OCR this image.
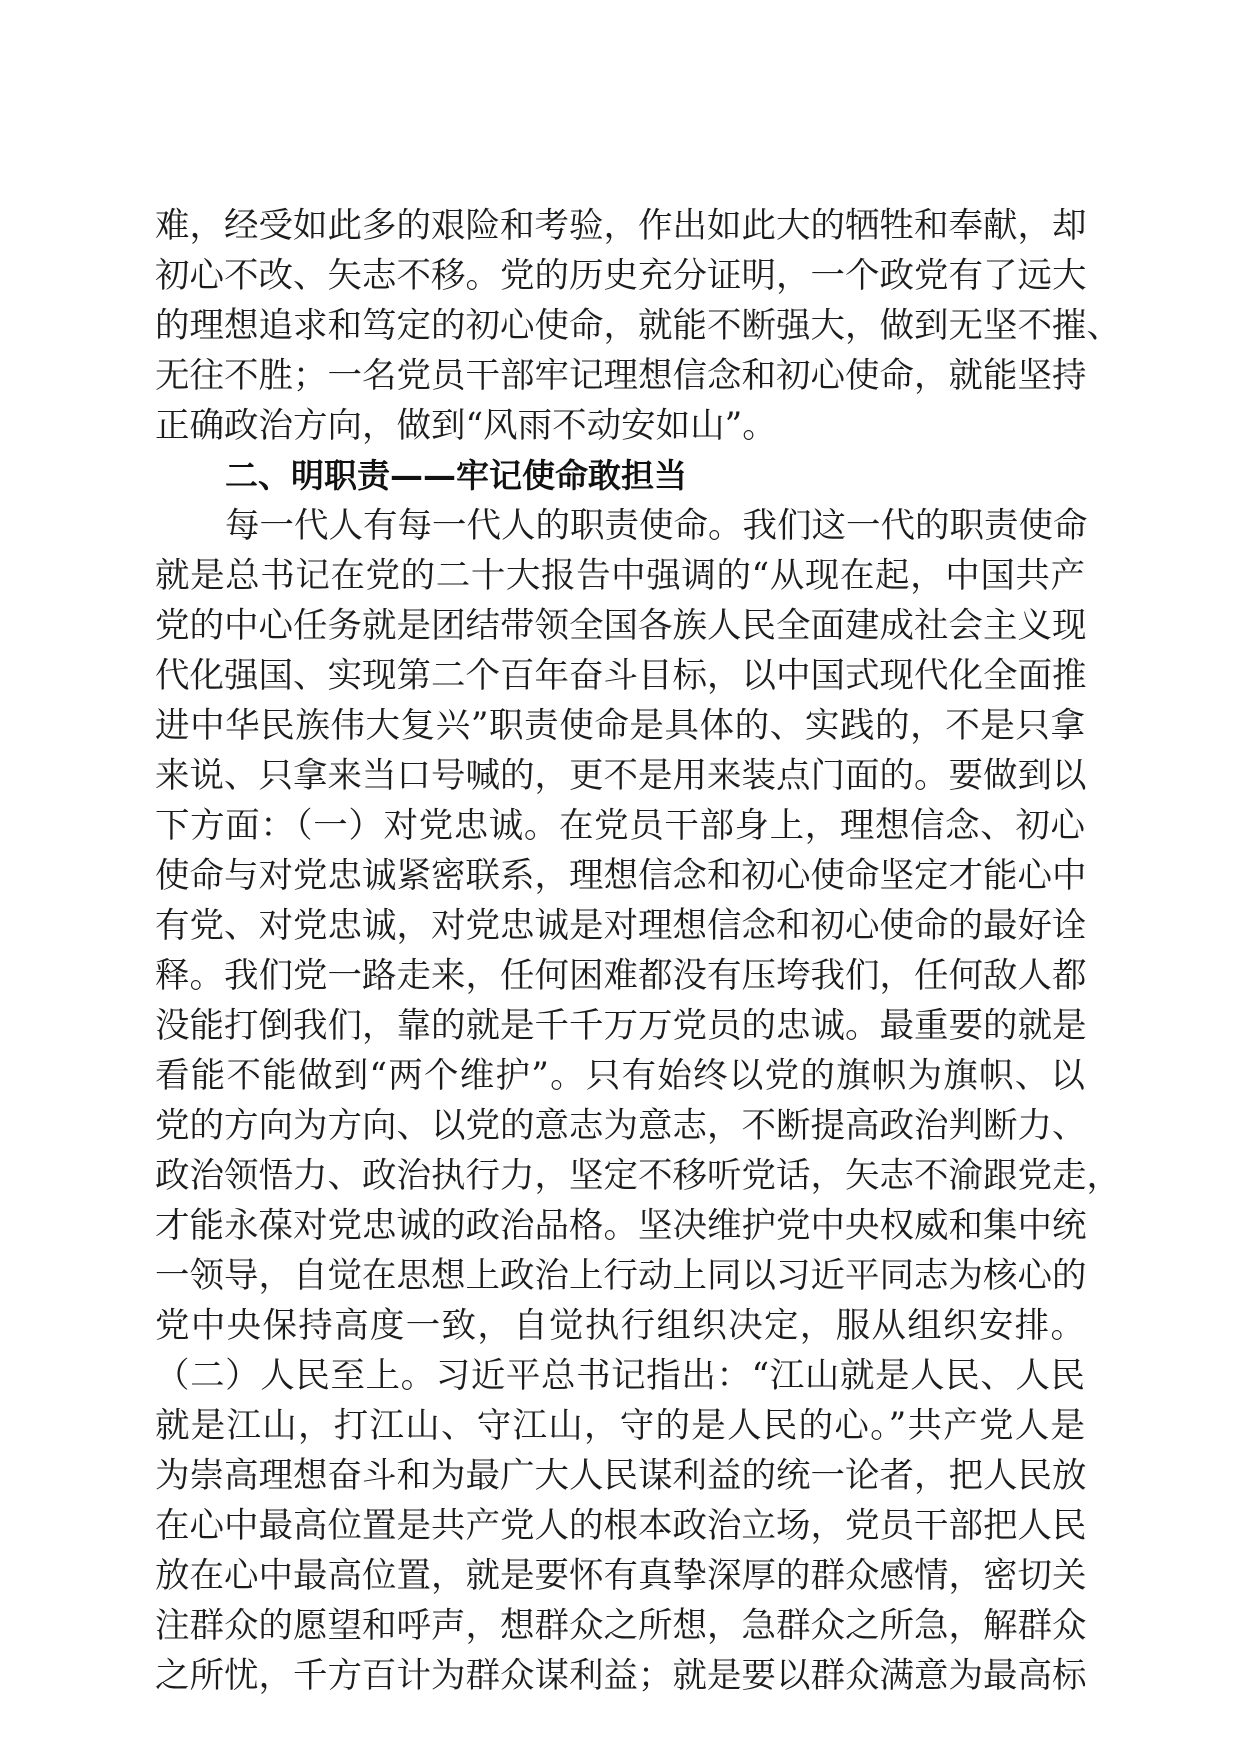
难，经受如此多的艰险和考验，作出如此大的牺牲和奉献，却
初心不改、矢志不移。党的历史充分证明，一个政党有了远大
的理想追求和笃定的初心使命，就能不断强大，做到无坚不摧、
无往不胜；一名党员干部牢记理想信念和初心使命，就能坚持
正确政治方向，做到“风雨不动安如山”。
二、明职责——牢记使命敢担当
每一代人有每一代人的职责使命。我们这一代的职责使命
就是总书记在党的二十大报告中强调的“从现在起，中国共产
党的中心任务就是团结带领全国各族人民全面建成社会主义现
代化强国、实现第二个百年奋斗目标，以中国式现代化全面推
进中华民族伟大复兴”职责使命是具体的、实践的，不是只拿
来说、只拿来当口号喊的，更不是用来装点门面的。要做到以
下方面：（一）对党忠诚。在党员干部身上，理想信念、初心
使命与对党忠诚紧密联系，理想信念和初心使命坚定才能心中
有党、对党忠诚，对党忠诚是对理想信念和初心使命的最好诠
释。我们党一路走来，任何困难都没有压垮我们，任何敌人都
没能打倒我们，靠的就是千千万万党员的忠诚。最重要的就是
看能不能做到“两个维护”。只有始终以党的旗帜为旗帜、以
党的方向为方向、以党的意志为意志，不断提高政治判断力、
政治领悟力、政治执行力，坚定不移听党话，矢志不渝跟党走，
才能永葆对党忠诚的政治品格。坚决维护党中央权威和集中统
一领导，自觉在思想上政治上行动上同以习近平同志为核心的
党中央保持高度一致，自觉执行组织决定，服从组织安排。
（二）人民至上。习近平总书记指出：“江山就是人民、人民
就是江山，打江山、守江山，守的是人民的心。”共产党人是
为崇高理想奋斗和为最广大人民谋利益的统一论者，把人民放
在心中最高位置是共产党人的根本政治立场，党员干部把人民
放在心中最高位置，就是要怀有真挚深厚的群众感情，密切关
注群众的愿望和呼声，想群众之所想，急群众之所急，解群众
之所忧，千方百计为群众谋利益；就是要以群众满意为最高标
